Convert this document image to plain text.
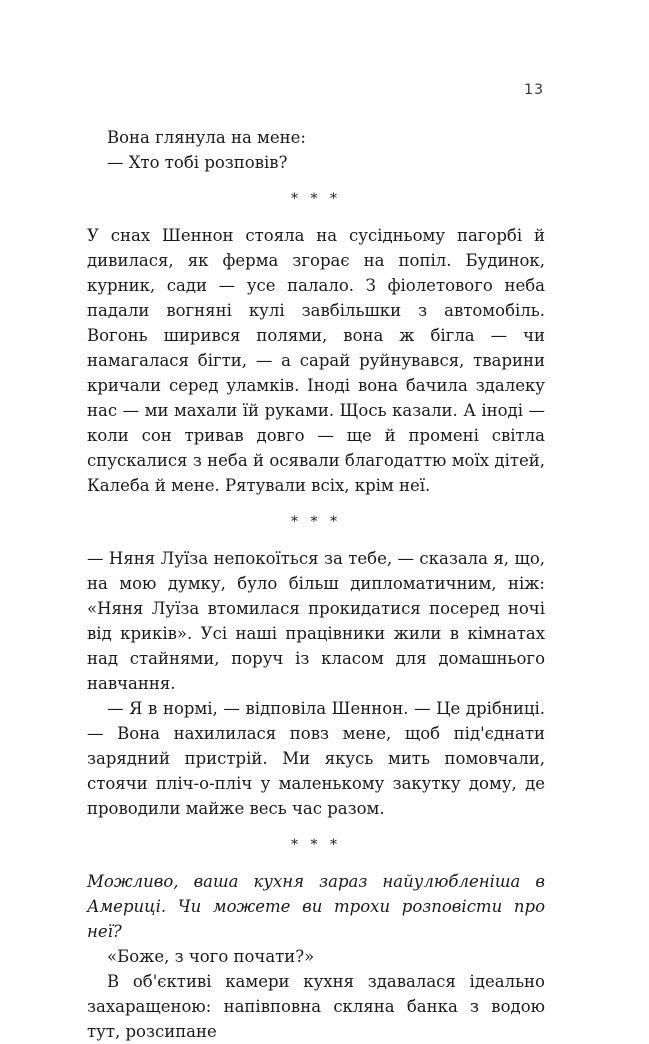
13

Вона глянула на мене:

— Хто тобі розповів?

* * *

У снах Шеннон стояла на сусідньому пагорбі й дивилася, як ферма згорає на попіл. Будинок, курник, сади — усе палало. З фіолетового неба падали вогняні кулі завбільшки з автомобіль. Вогонь ширився полями, вона ж бігла — чи намагалася бігти, — а сарай руйнувався, тварини кричали серед уламків. Іноді вона бачила здалеку нас — ми махали їй руками. Щось казали. А іноді — коли сон тривав довго — ще й промені світла спускалися з неба й осявали благодаттю моїх дітей, Калеба й мене. Рятували всіх, крім неї.

* * *

— Няня Луїза непокоїться за тебе, — сказала я, що, на мою думку, було більш дипломатичним, ніж: «Няня Луїза втомилася прокидатися посеред ночі від криків». Усі наші працівники жили в кімнатах над стайнями, поруч із класом для домашнього навчання.

— Я в нормі, — відповіла Шеннон. — Це дрібниці. — Вона нахилилася повз мене, щоб під'єднати зарядний пристрій. Ми якусь мить помовчали, стоячи пліч-о-пліч у маленькому закутку дому, де проводили майже весь час разом.

* * *

Можливо, ваша кухня зараз найулюбленіша в Америці. Чи можете ви трохи розповісти про неї?

«Боже, з чого почати?»

В об'єктиві камери кухня здавалася ідеально захаращеною: напівповна скляна банка з водою тут, розсипане
